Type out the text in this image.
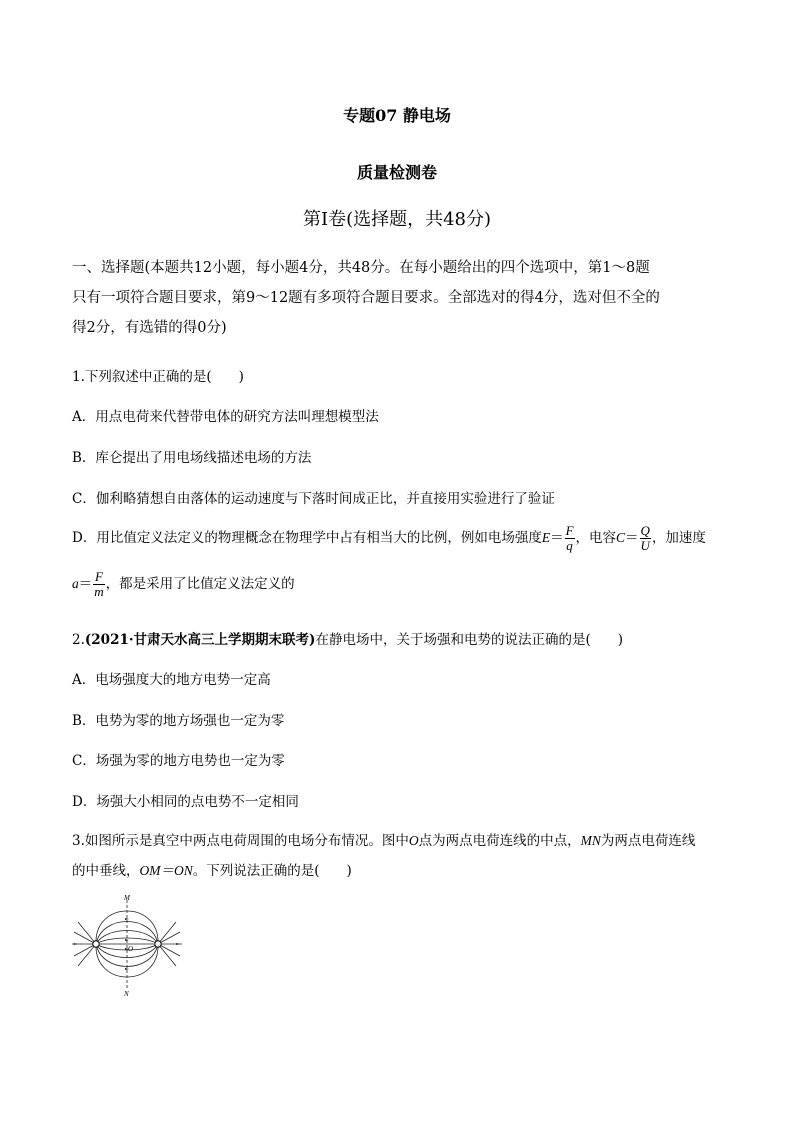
专题07 静电场
质量检测卷
第Ⅰ卷(选择题，共48分)
一、选择题(本题共12小题，每小题4分，共48分。在每小题给出的四个选项中，第1～8题
只有一项符合题目要求，第9～12题有多项符合题目要求。全部选对的得4分，选对但不全的
得2分，有选错的得0分)
1.下列叙述中正确的是(　　)
A．用点电荷来代替带电体的研究方法叫理想模型法
B．库仑提出了用电场线描述电场的方法
C．伽利略猜想自由落体的运动速度与下落时间成正比，并直接用实验进行了验证
D．用比值定义法定义的物理概念在物理学中占有相当大的比例，例如电场强度$E= \frac{F}{q}$ ，电容$C= \frac{Q}{U}$ ，加速度
$a= \frac{F}{m}$ ，都是采用了比值定义法定义的
2.(2021·甘肃天水高三上学期期末联考)在静电场中，关于场强和电势的说法正确的是(　　)
A．电场强度大的地方电势一定高
B．电势为零的地方场强也一定为零
C．场强为零的地方电势也一定为零
D．场强大小相同的点电势不一定相同
3.如图所示是真空中两点电荷周围的电场分布情况。图中O点为两点电荷连线的中点，MN为两点电荷连线
的中垂线，OM＝ON。下列说法正确的是(　　)
M
O
N
